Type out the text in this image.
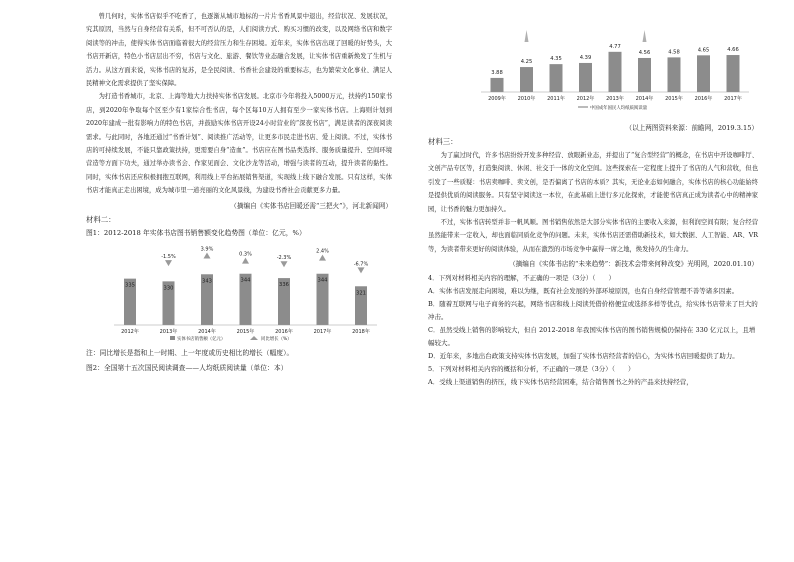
曾几何时，实体书店似乎不吃香了，也逐渐从城市地标的一片片书香风景中退出，经营状况、发展状况，究其原因，当然与自身经营有关系，但不可否认的是，人们阅读方式、购买习惯的改变，以及网络书店和数字阅读等的冲击，使得实体书店面临着很大的经营压力和生存困境。近年来，实体书店出现了回暖的好势头，大书店开新店，特色小书店层出不穷，书店与文化、旅游、餐饮等业态融合发展，让实体书店重新焕发了生机与活力。从这方面来说，实体书店的复苏，是全民阅读、书香社会建设的重要标志，也为繁荣文化事业、满足人民精神文化需求提供了坚实保障。

为打造书香城市，北京、上海等地大力扶持实体书店发展。北京市今年将投入5000万元，扶持约150家书店，到2020年争取每个区至少有1家综合性书店，每个区每10万人拥有至少一家实体书店。上海则计划到2020年建成一批有影响力的特色书店，并鼓励实体书店开设24小时营业的“深夜书店”，满足读者的深夜阅读需求。与此同时，各地还通过“书香计划”、阅读推广活动等，让更多市民走进书店、爱上阅读。不过，实体书店的可持续发展，不能只靠政策扶持，更需要自身“造血”。书店应在图书品类选择、服务质量提升、空间环境营造等方面下功夫，通过举办读书会、作家见面会、文化沙龙等活动，增强与读者的互动，提升读者的黏性。同时，实体书店还应积极拥抱互联网，利用线上平台拓展销售渠道，实现线上线下融合发展。只有这样，实体书店才能真正走出困境，成为城市里一道亮丽的文化风景线，为建设书香社会贡献更多力量。

（摘编自《实体书店回暖还需“三把火”》，河北新闻网）
材料二：
图1：2012-2018 年实体书店图书销售额变化趋势图（单位：亿元，%）
335
2012年
330
2013年
-1.5%
343
2014年
3.9%
344
2015年
0.3%
336
2016年
-2.3%
344
2017年
2.4%
321
2018年
-6.7%
实体书店销售额（亿元）	同比增长（%）

注：同比增长是指和上一时期、上一年度或历史相比的增长（幅度）。

图2：全国第十五次国民阅读调查——人均纸质阅读量（单位：本）
3.88
2009年
4.25
2010年
4.35
2011年
4.39
2012年
4.77
2013年
4.56
2014年
4.58
2015年
4.65
2016年
4.66
2017年
中国成年国民人均纸质阅读量
（以上两图资料来源：前瞻网，2019.3.15）
材料三：

为了赢过时代，许多书店纷纷开发多种经营、放眼新业态，并提出了“复合型经营”的概念，在书店中开设咖啡厅、文创产品专区等，打造集阅读、休闲、社交于一体的文化空间。这些探索在一定程度上提升了书店的人气和营收，但也引发了一些质疑：书店卖咖啡、卖文创，是否偏离了书店的本质？其实，无论业态如何融合，实体书店的核心功能始终是提供优质的阅读服务。只有坚守阅读这一本位，在此基础上进行多元化探索，才能使书店真正成为读者心中的精神家园，让书香的魅力更加持久。

不过，实体书店转型并非一帆风顺。图书销售依然是大部分实体书店的主要收入来源，但利润空间有限；复合经营虽然能带来一定收入，却也面临同质化竞争的问题。未来，实体书店还需借助新技术，如大数据、人工智能、AR、VR等，为读者带来更好的阅读体验，从而在激烈的市场竞争中赢得一席之地，焕发持久的生命力。

（摘编自《实体书店的“未来趋势”：新技术会带来何种改变》光明网，2020.01.10）
4．下列对材料相关内容的理解，不正确的一项是（3分）（　　）
A．实体书店发展走向困境，难以为继，既有社会发展的外部环境原因，也有自身经营管理不善等诸多因素。
B．随着互联网与电子商务的兴起，网络书店和线上阅读凭借价格便宜或选择多样等优点，给实体书店带来了巨大的冲击。
C．虽然受线上销售的影响较大，但自 2012-2018 年我国实体书店的图书销售规模仍保持在 330 亿元以上，且增幅较大。
D．近年来，多地出台政策支持实体书店发展，加强了实体书店经营者的信心，为实体书店回暖提供了助力。
5．下列对材料相关内容的概括和分析，不正确的一项是（3分）（　　）
A．受线上渠道销售的挤压，线下实体书店经营困难，结合销售图书之外的产品来扶持经营，
